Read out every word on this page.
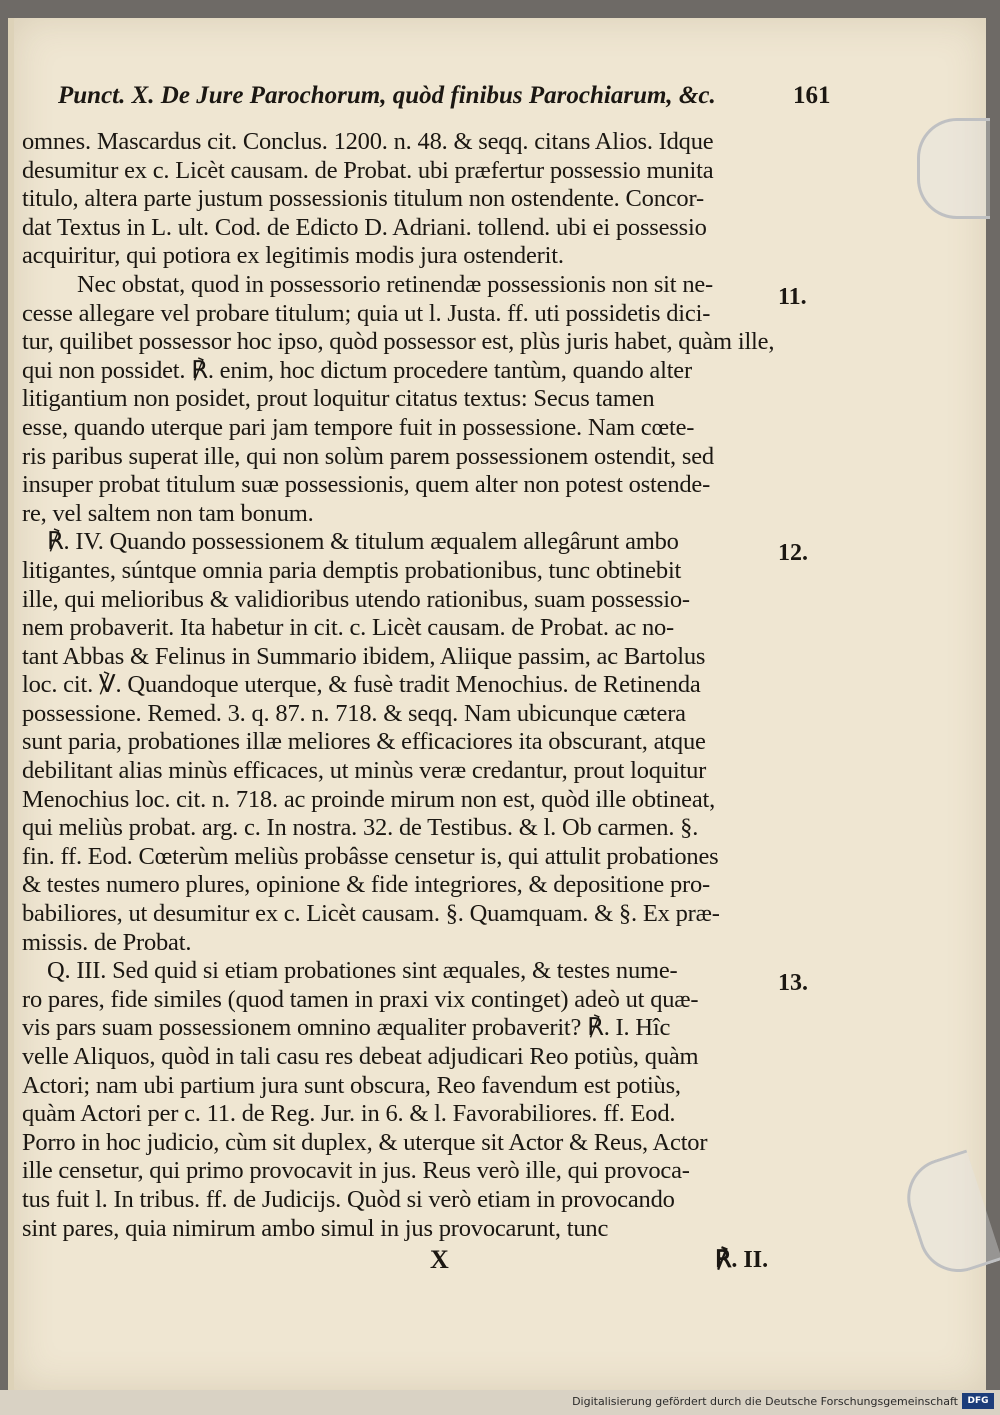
Punct. X. De Jure Parochorum, quòd finibus Parochiarum, &c.	161
omnes. Mascardus cit. Conclus. 1200. n. 48. & seqq. citans Alios. Idque
desumitur ex c. Licèt causam. de Probat. ubi præfertur possessio munita
titulo, altera parte justum possessionis titulum non ostendente. Concor-
dat Textus in L. ult. Cod. de Edicto D. Adriani. tollend. ubi ei possessio
acquiritur, qui potiora ex legitimis modis jura ostenderit.
Nec obstat, quod in possessorio retinendæ possessionis non sit ne-
cesse allegare vel probare titulum; quia ut l. Justa. ff. uti possidetis dici-
tur, quilibet possessor hoc ipso, quòd possessor est, plùs juris habet, quàm ille,
qui non possidet. ℟. enim, hoc dictum procedere tantùm, quando alter
litigantium non posidet, prout loquitur citatus textus: Secus tamen
esse, quando uterque pari jam tempore fuit in possessione. Nam cœte-
ris paribus superat ille, qui non solùm parem possessionem ostendit, sed
insuper probat titulum suæ possessionis, quem alter non potest ostende-
re, vel saltem non tam bonum.
℟. IV. Quando possessionem & titulum æqualem allegârunt ambo
litigantes, súntque omnia paria demptis probationibus, tunc obtinebit
ille, qui melioribus & validioribus utendo rationibus, suam possessio-
nem probaverit. Ita habetur in cit. c. Licèt causam. de Probat. ac no-
tant Abbas & Felinus in Summario ibidem, Aliique passim, ac Bartolus
loc. cit. ℣. Quandoque uterque, & fusè tradit Menochius. de Retinenda
possessione. Remed. 3. q. 87. n. 718. & seqq. Nam ubicunque cætera
sunt paria, probationes illæ meliores & efficaciores ita obscurant, atque
debilitant alias minùs efficaces, ut minùs veræ credantur, prout loquitur
Menochius loc. cit. n. 718. ac proinde mirum non est, quòd ille obtineat,
qui meliùs probat. arg. c. In nostra. 32. de Testibus. & l. Ob carmen. §.
fin. ff. Eod. Cœterùm meliùs probâsse censetur is, qui attulit probationes
& testes numero plures, opinione & fide integriores, & depositione pro-
babiliores, ut desumitur ex c. Licèt causam. §. Quamquam. & §. Ex præ-
missis. de Probat.
Q. III. Sed quid si etiam probationes sint æquales, & testes nume-
ro pares, fide similes (quod tamen in praxi vix continget) adeò ut quæ-
vis pars suam possessionem omnino æqualiter probaverit? ℟. I. Hîc
velle Aliquos, quòd in tali casu res debeat adjudicari Reo potiùs, quàm
Actori; nam ubi partium jura sunt obscura, Reo favendum est potiùs,
quàm Actori per c. 11. de Reg. Jur. in 6. & l. Favorabiliores. ff. Eod.
Porro in hoc judicio, cùm sit duplex, & uterque sit Actor & Reus, Actor
ille censetur, qui primo provocavit in jus. Reus verò ille, qui provoca-
tus fuit l. In tribus. ff. de Judicijs. Quòd si verò etiam in provocando
sint pares, quia nimirum ambo simul in jus provocarunt, tunc
11.
12.
13.
X	℟. II.
Digitalisierung gefördert durch die Deutsche Forschungsgemeinschaft	DFG
